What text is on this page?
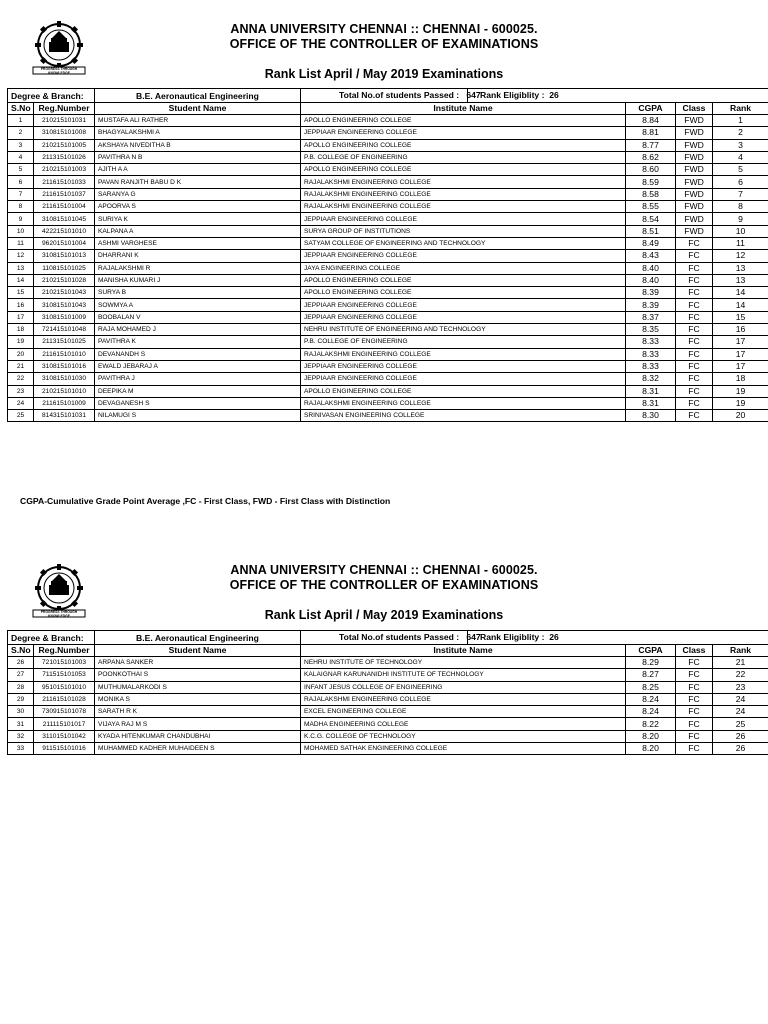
PROGRESS THROUGH KNOWLEDGE
ANNA UNIVERSITY CHENNAI :: CHENNAI - 600025.
OFFICE OF THE CONTROLLER OF EXAMINATIONS
Rank List April / May 2019 Examinations
Degree & Branch:		B.E. Aeronautical Engineering	Total No.of students Passed : 647 Rank Eligiblity : 26			

S.No	Reg.Number	Student Name	Institute Name	CGPA	Class	Rank
1	210215101031	MUSTAFA ALI RATHER	APOLLO ENGINEERING COLLEGE	8.84	FWD	1
2	310815101008	BHAGYALAKSHMI A	JEPPIAAR ENGINEERING COLLEGE	8.81	FWD	2
3	210215101005	AKSHAYA NIVEDITHA B	APOLLO ENGINEERING COLLEGE	8.77	FWD	3
4	211315101026	PAVITHRA N B	P.B. COLLEGE OF ENGINEERING	8.62	FWD	4
5	210215101003	AJITH A A	APOLLO ENGINEERING COLLEGE	8.60	FWD	5
6	211615101033	PAVAN RANJITH BABU D K	RAJALAKSHMI ENGINEERING COLLEGE	8.59	FWD	6
7	211615101037	SARANYA G	RAJALAKSHMI ENGINEERING COLLEGE	8.58	FWD	7
8	211615101004	APOORVA S	RAJALAKSHMI ENGINEERING COLLEGE	8.55	FWD	8
9	310815101045	SURIYA K	JEPPIAAR ENGINEERING COLLEGE	8.54	FWD	9
10	422215101010	KALPANA A	SURYA GROUP OF INSTITUTIONS	8.51	FWD	10
11	962015101004	ASHMI VARGHESE	SATYAM COLLEGE OF ENGINEERING AND TECHNOLOGY	8.49	FC	11
12	310815101013	DHARRANI K	JEPPIAAR ENGINEERING COLLEGE	8.43	FC	12
13	110815101025	RAJALAKSHMI R	JAYA ENGINEERING COLLEGE	8.40	FC	13
14	210215101028	MANISHA KUMARI J	APOLLO ENGINEERING COLLEGE	8.40	FC	13
15	210215101043	SURYA B	APOLLO ENGINEERING COLLEGE	8.39	FC	14
16	310815101043	SOWMYA A	JEPPIAAR ENGINEERING COLLEGE	8.39	FC	14
17	310815101009	BOOBALAN V	JEPPIAAR ENGINEERING COLLEGE	8.37	FC	15
18	721415101048	RAJA MOHAMED J	NEHRU INSTITUTE OF ENGINEERING AND TECHNOLOGY	8.35	FC	16
19	211315101025	PAVITHRA K	P.B. COLLEGE OF ENGINEERING	8.33	FC	17
20	211615101010	DEVANANDH S	RAJALAKSHMI ENGINEERING COLLEGE	8.33	FC	17
21	310815101016	EWALD JEBARAJ A	JEPPIAAR ENGINEERING COLLEGE	8.33	FC	17
22	310815101030	PAVITHRA J	JEPPIAAR ENGINEERING COLLEGE	8.32	FC	18
23	210215101010	DEEPIKA M	APOLLO ENGINEERING COLLEGE	8.31	FC	19
24	211615101009	DEVAGANESH S	RAJALAKSHMI ENGINEERING COLLEGE	8.31	FC	19
25	814315101031	NILAMUGI S	SRINIVASAN ENGINEERING COLLEGE	8.30	FC	20
CGPA-Cumulative Grade Point Average ,FC - First Class, FWD - First Class with Distinction
PROGRESS THROUGH KNOWLEDGE
ANNA UNIVERSITY CHENNAI :: CHENNAI - 600025.
OFFICE OF THE CONTROLLER OF EXAMINATIONS
Rank List April / May 2019 Examinations
Degree & Branch:		B.E. Aeronautical Engineering	Total No.of students Passed : 647 Rank Eligiblity : 26			

S.No	Reg.Number	Student Name	Institute Name	CGPA	Class	Rank
26	721015101003	ARPANA SANKER	NEHRU INSTITUTE OF TECHNOLOGY	8.29	FC	21
27	711515101053	POONKOTHAI S	KALAIGNAR KARUNANIDHI INSTITUTE OF TECHNOLOGY	8.27	FC	22
28	951015101010	MUTHUMALARKODI S	INFANT JESUS COLLEGE OF ENGINEERING	8.25	FC	23
29	211615101028	MONIKA S	RAJALAKSHMI ENGINEERING COLLEGE	8.24	FC	24
30	730915101078	SARATH R K	EXCEL ENGINEERING COLLEGE	8.24	FC	24
31	211115101017	VIJAYA RAJ M S	MADHA ENGINEERING COLLEGE	8.22	FC	25
32	311015101042	KYADA HITENKUMAR CHANDUBHAI	K.C.G. COLLEGE OF TECHNOLOGY	8.20	FC	26
33	911515101016	MUHAMMED KADHER MUHAIDEEN S	MOHAMED SATHAK ENGINEERING COLLEGE	8.20	FC	26
